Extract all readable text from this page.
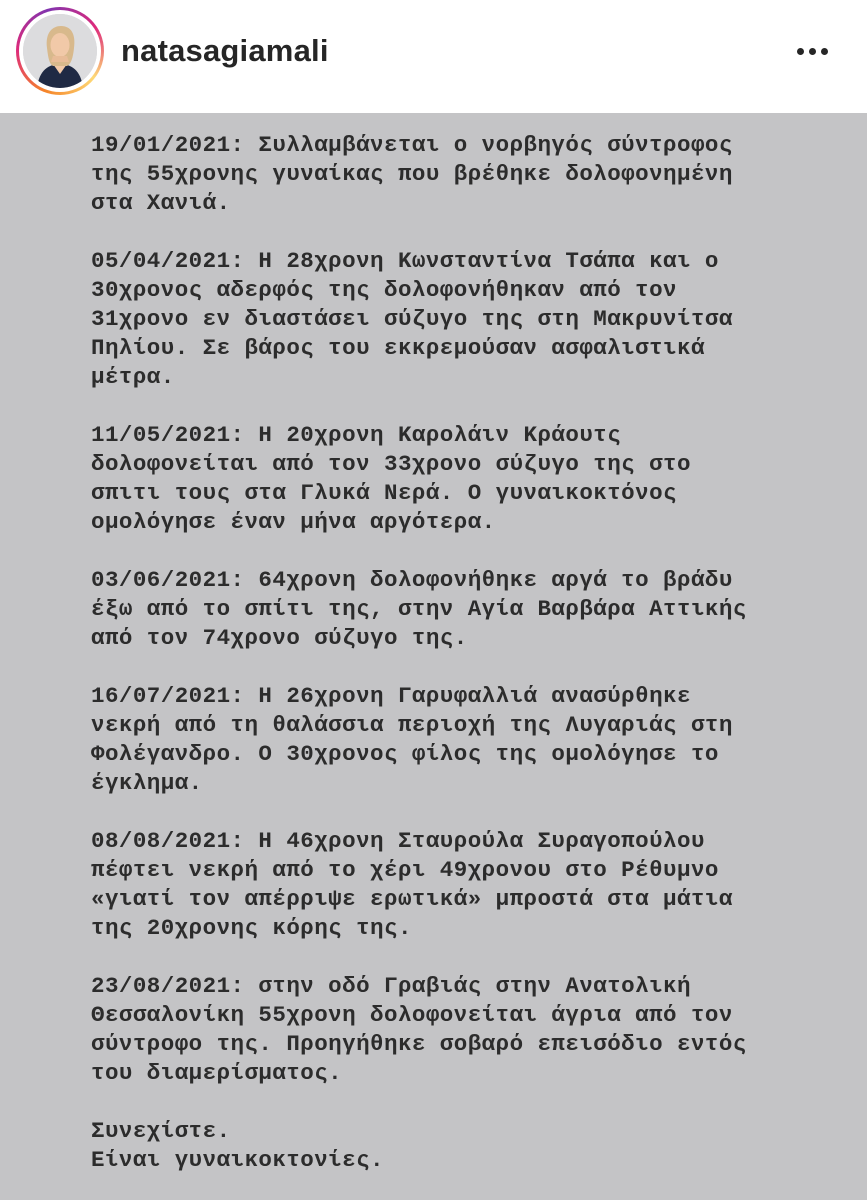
natasagiamali

19/01/2021: Συλλαμβάνεται ο νορβηγός σύντροφος
της 55χρονης γυναίκας που βρέθηκε δολοφονημένη
στα Χανιά.

05/04/2021: Η 28χρονη Κωνσταντίνα Τσάπα και ο
30χρονος αδερφός της δολοφονήθηκαν από τον
31χρονο εν διαστάσει σύζυγο της στη Μακρυνίτσα
Πηλίου. Σε βάρος του εκκρεμούσαν ασφαλιστικά
μέτρα.

11/05/2021: Η 20χρονη Καρολάιν Κράουτς
δολοφονείται από τον 33χρονο σύζυγο της στο
σπιτι τους στα Γλυκά Νερά. Ο γυναικοκτόνος
ομολόγησε έναν μήνα αργότερα.

03/06/2021: 64χρονη δολοφονήθηκε αργά το βράδυ
έξω από το σπίτι της, στην Αγία Βαρβάρα Αττικής
από τον 74χρονο σύζυγο της.

16/07/2021: Η 26χρονη Γαρυφαλλιά ανασύρθηκε
νεκρή από τη θαλάσσια περιοχή της Λυγαριάς στη
Φολέγανδρο. Ο 30χρονος φίλος της ομολόγησε το
έγκλημα.

08/08/2021: Η 46χρονη Σταυρούλα Συραγοπούλου
πέφτει νεκρή από το χέρι 49χρονου στο Ρέθυμνο
«γιατί τον απέρριψε ερωτικά» μπροστά στα μάτια
της 20χρονης κόρης της.

23/08/2021: στην οδό Γραβιάς στην Ανατολική
Θεσσαλονίκη 55χρονη δολοφονείται άγρια από τον
σύντροφο της. Προηγήθηκε σοβαρό επεισόδιο εντός
του διαμερίσματος.

Συνεχίστε.
Είναι γυναικοκτονίες.
